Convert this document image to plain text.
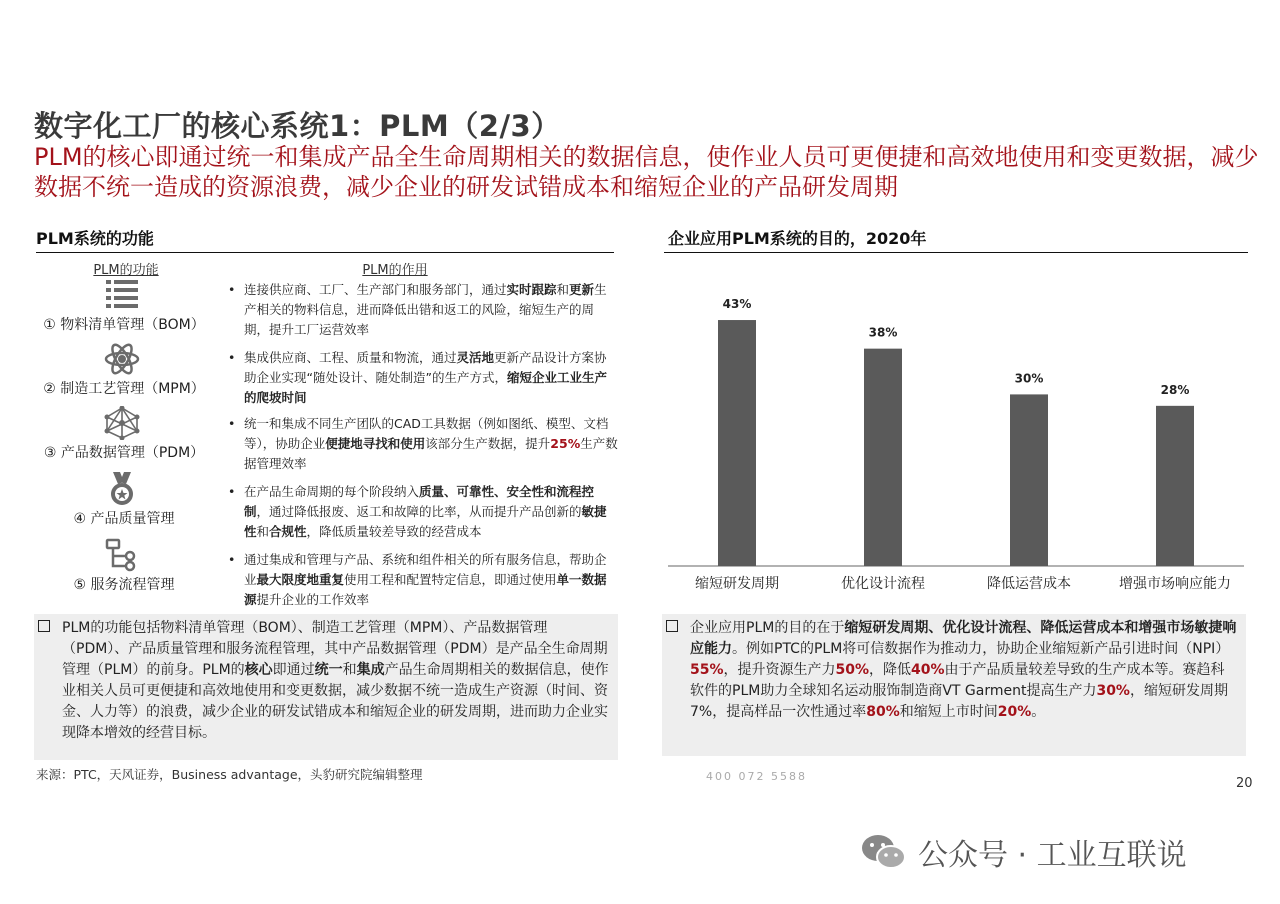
数字化工厂的核心系统1：PLM（2/3）
PLM的核心即通过统一和集成产品全生命周期相关的数据信息，使作业人员可更便捷和高效地使用和变更数据，减少数据不统一造成的资源浪费，减少企业的研发试错成本和缩短企业的产品研发周期
PLM系统的功能
PLM的功能	PLM的作用
① 物料清单管理（BOM）
② 制造工艺管理（MPM）
③ 产品数据管理（PDM）
④ 产品质量管理
⑤ 服务流程管理
• 连接供应商、工厂、生产部门和服务部门，通过实时跟踪和更新生产相关的物料信息，进而降低出错和返工的风险，缩短生产的周期，提升工厂运营效率
• 集成供应商、工程、质量和物流，通过灵活地更新产品设计方案协助企业实现“随处设计、随处制造”的生产方式，缩短企业工业生产的爬坡时间
• 统一和集成不同生产团队的CAD工具数据（例如图纸、模型、文档等），协助企业便捷地寻找和使用该部分生产数据，提升25%生产数据管理效率
• 在产品生命周期的每个阶段纳入质量、可靠性、安全性和流程控制，通过降低报废、返工和故障的比率，从而提升产品创新的敏捷性和合规性，降低质量较差导致的经营成本
• 通过集成和管理与产品、系统和组件相关的所有服务信息，帮助企业最大限度地重复使用工程和配置特定信息，即通过使用单一数据源提升企业的工作效率
PLM的功能包括物料清单管理（BOM）、制造工艺管理（MPM）、产品数据管理（PDM）、产品质量管理和服务流程管理，其中产品数据管理（PDM）是产品全生命周期管理（PLM）的前身。PLM的核心即通过统一和集成产品生命周期相关的数据信息，使作业相关人员可更便捷和高效地使用和变更数据，减少数据不统一造成生产资源（时间、资金、人力等）的浪费，减少企业的研发试错成本和缩短企业的研发周期，进而助力企业实现降本增效的经营目标。
来源：PTC，天风证券，Business advantage，头豹研究院编辑整理
企业应用PLM系统的目的，2020年
43%
缩短研发周期
38%
优化设计流程
30%
降低运营成本
28%
增强市场响应能力
企业应用PLM的目的在于缩短研发周期、优化设计流程、降低运营成本和增强市场敏捷响应能力。例如PTC的PLM将可信数据作为推动力，协助企业缩短新产品引进时间（NPI）55%，提升资源生产力50%，降低40%由于产品质量较差导致的生产成本等。赛趋科软件的PLM助力全球知名运动服饰制造商VT Garment提高生产力30%，缩短研发周期7%，提高样品一次性通过率80%和缩短上市时间20%。
400 072 5588	20
公众号 · 工业互联说
